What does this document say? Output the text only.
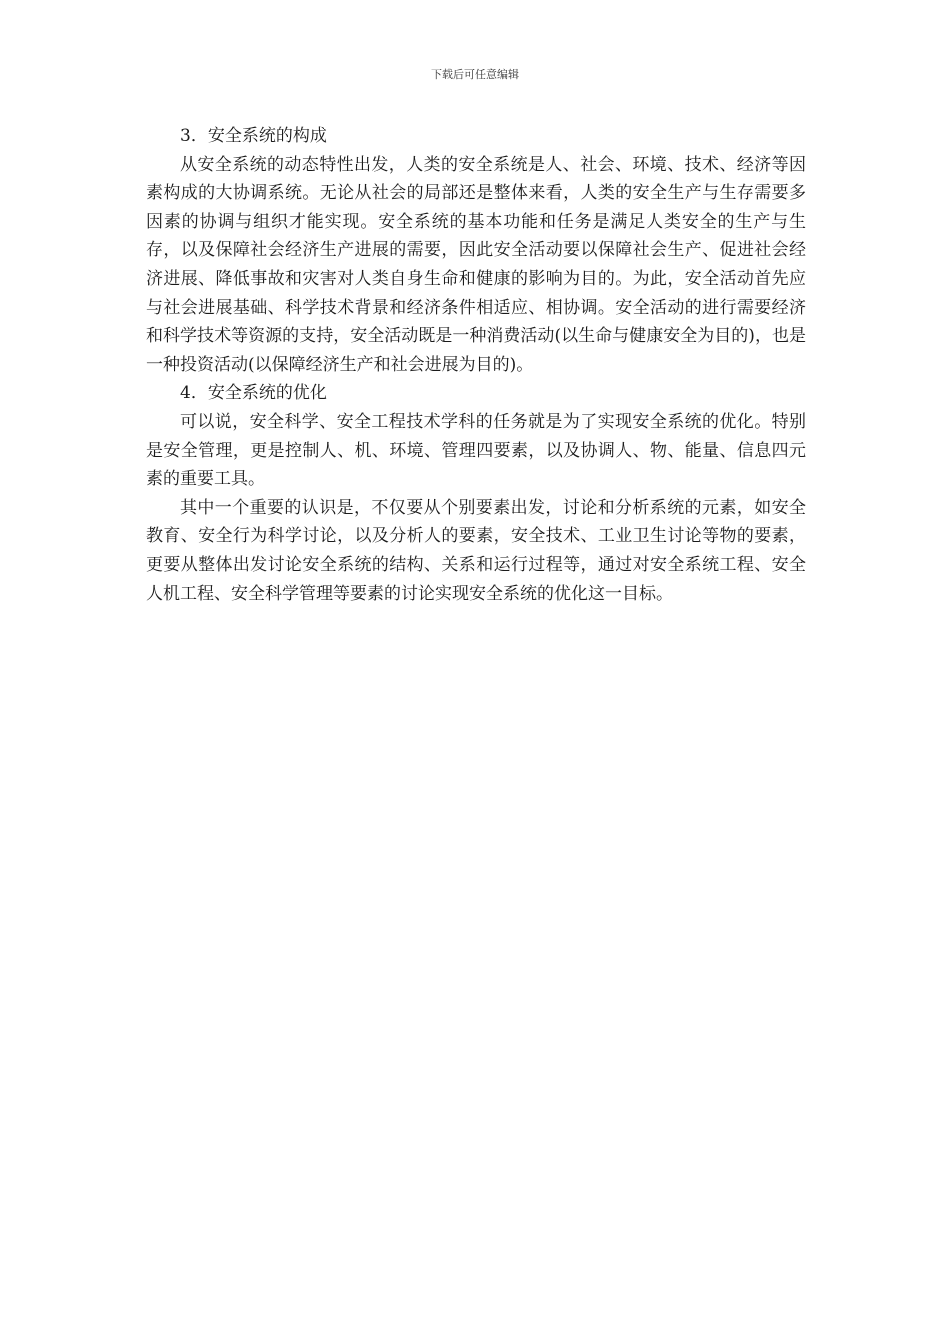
下载后可任意编辑

3．安全系统的构成

从安全系统的动态特性出发，人类的安全系统是人、社会、环境、技术、经济等因素构成的大协调系统。无论从社会的局部还是整体来看，人类的安全生产与生存需要多因素的协调与组织才能实现。安全系统的基本功能和任务是满足人类安全的生产与生存，以及保障社会经济生产进展的需要，因此安全活动要以保障社会生产、促进社会经济进展、降低事故和灾害对人类自身生命和健康的影响为目的。为此，安全活动首先应与社会进展基础、科学技术背景和经济条件相适应、相协调。安全活动的进行需要经济和科学技术等资源的支持，安全活动既是一种消费活动(以生命与健康安全为目的)，也是一种投资活动(以保障经济生产和社会进展为目的)。

4．安全系统的优化

可以说，安全科学、安全工程技术学科的任务就是为了实现安全系统的优化。特别是安全管理，更是控制人、机、环境、管理四要素，以及协调人、物、能量、信息四元素的重要工具。

其中一个重要的认识是，不仅要从个别要素出发，讨论和分析系统的元素，如安全教育、安全行为科学讨论，以及分析人的要素，安全技术、工业卫生讨论等物的要素，更要从整体出发讨论安全系统的结构、关系和运行过程等，通过对安全系统工程、安全人机工程、安全科学管理等要素的讨论实现安全系统的优化这一目标。
